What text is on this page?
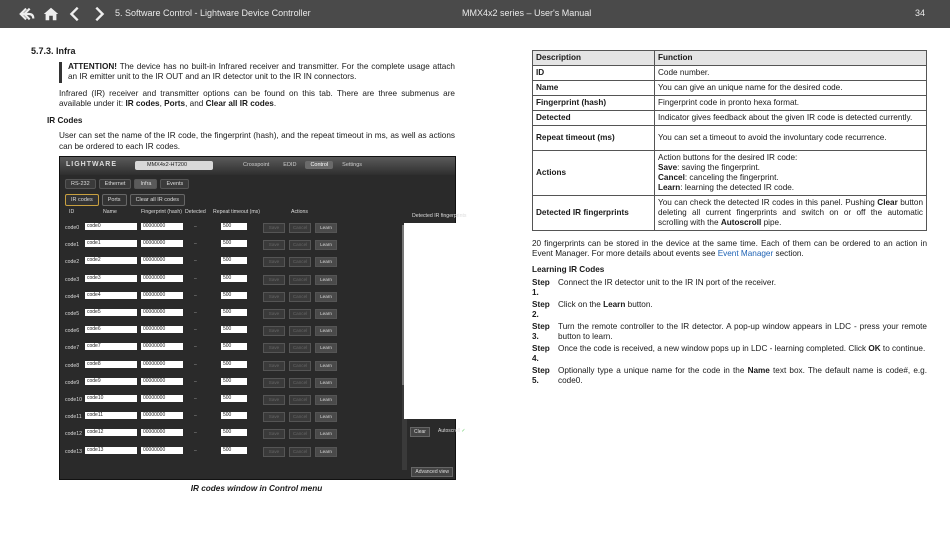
5. Software Control - Lightware Device Controller	MMX4x2 series – User's Manual	34
5.7.3. Infra
ATTENTION! The device has no built-in Infrared receiver and transmitter. For the complete usage attach an IR emitter unit to the IR OUT and an IR detector unit to the IR IN connectors.
Infrared (IR) receiver and transmitter options can be found on this tab. There are three submenus are available under it: IR codes, Ports, and Clear all IR codes.
IR Codes
User can set the name of the IR code, the fingerprint (hash), and the repeat timeout in ms, as well as actions can be ordered to each IR codes.
LIGHTWARE	MMX4x2-HT200	Crosspoint	EDID	Control	Settings
RS-232	Ethernet	Infra	Events
IR codes	Ports	Clear all IR codes
ID	Name	Fingerprint (hash) Detected Repeat timeout (ms)	Actions
code0	code0	00000000	–	500	Save	Cancel	Learn
code1	code1	00000000	–	500	Save	Cancel	Learn
code2	code2	00000000	–	500	Save	Cancel	Learn
code3	code3	00000000	–	500	Save	Cancel	Learn
code4	code4	00000000	–	500	Save	Cancel	Learn
code5	code5	00000000	–	500	Save	Cancel	Learn
code6	code6	00000000	–	500	Save	Cancel	Learn
code7	code7	00000000	–	500	Save	Cancel	Learn
code8	code8	00000000	–	500	Save	Cancel	Learn
code9	code9	00000000	–	500	Save	Cancel	Learn
code10 code10	00000000	–	500	Save	Cancel	Learn
code11	code11	00000000	–	500	Save	Cancel	Learn
code12 code12	00000000	–	500	Save	Cancel	Learn
code13 code13	00000000	–	500	Save	Cancel	Learn
Detected IR fingerprints
Clear	Autoscroll ✓
Advanced view
IR codes window in Control menu
Description	Function
ID	Code number.
Name	You can give an unique name for the desired code.
Fingerprint (hash)	Fingerprint code in pronto hexa format.
Detected	Indicator gives feedback about the given IR code is detected currently.
Repeat timeout (ms)	You can set a timeout to avoid the involuntary code recurrence.
Actions	Action buttons for the desired IR code:
Save: saving the fingerprint.
Cancel: canceling the fingerprint.
Learn: learning the detected IR code.

Detected IR fingerprints	You can check the detected IR codes in this panel. Pushing Clear button deleting all current fingerprints and switch on or off the automatic scrolling with the Autoscroll pipe.
20 fingerprints can be stored in the device at the same time. Each of them can be ordered to an action in Event Manager. For more details about events see Event Manager section.
Learning IR Codes
Step 1.
Connect the IR detector unit to the IR IN port of the receiver.
Step 2.
Click on the Learn button.
Step 3.
Turn the remote controller to the IR detector. A pop-up window appears in LDC - press your remote button to learn.
Step 4.
Once the code is received, a new window pops up in LDC - learning completed. Click OK to continue.
Step 5.
Optionally type a unique name for the code in the Name text box. The default name is code#, e.g. code0.
